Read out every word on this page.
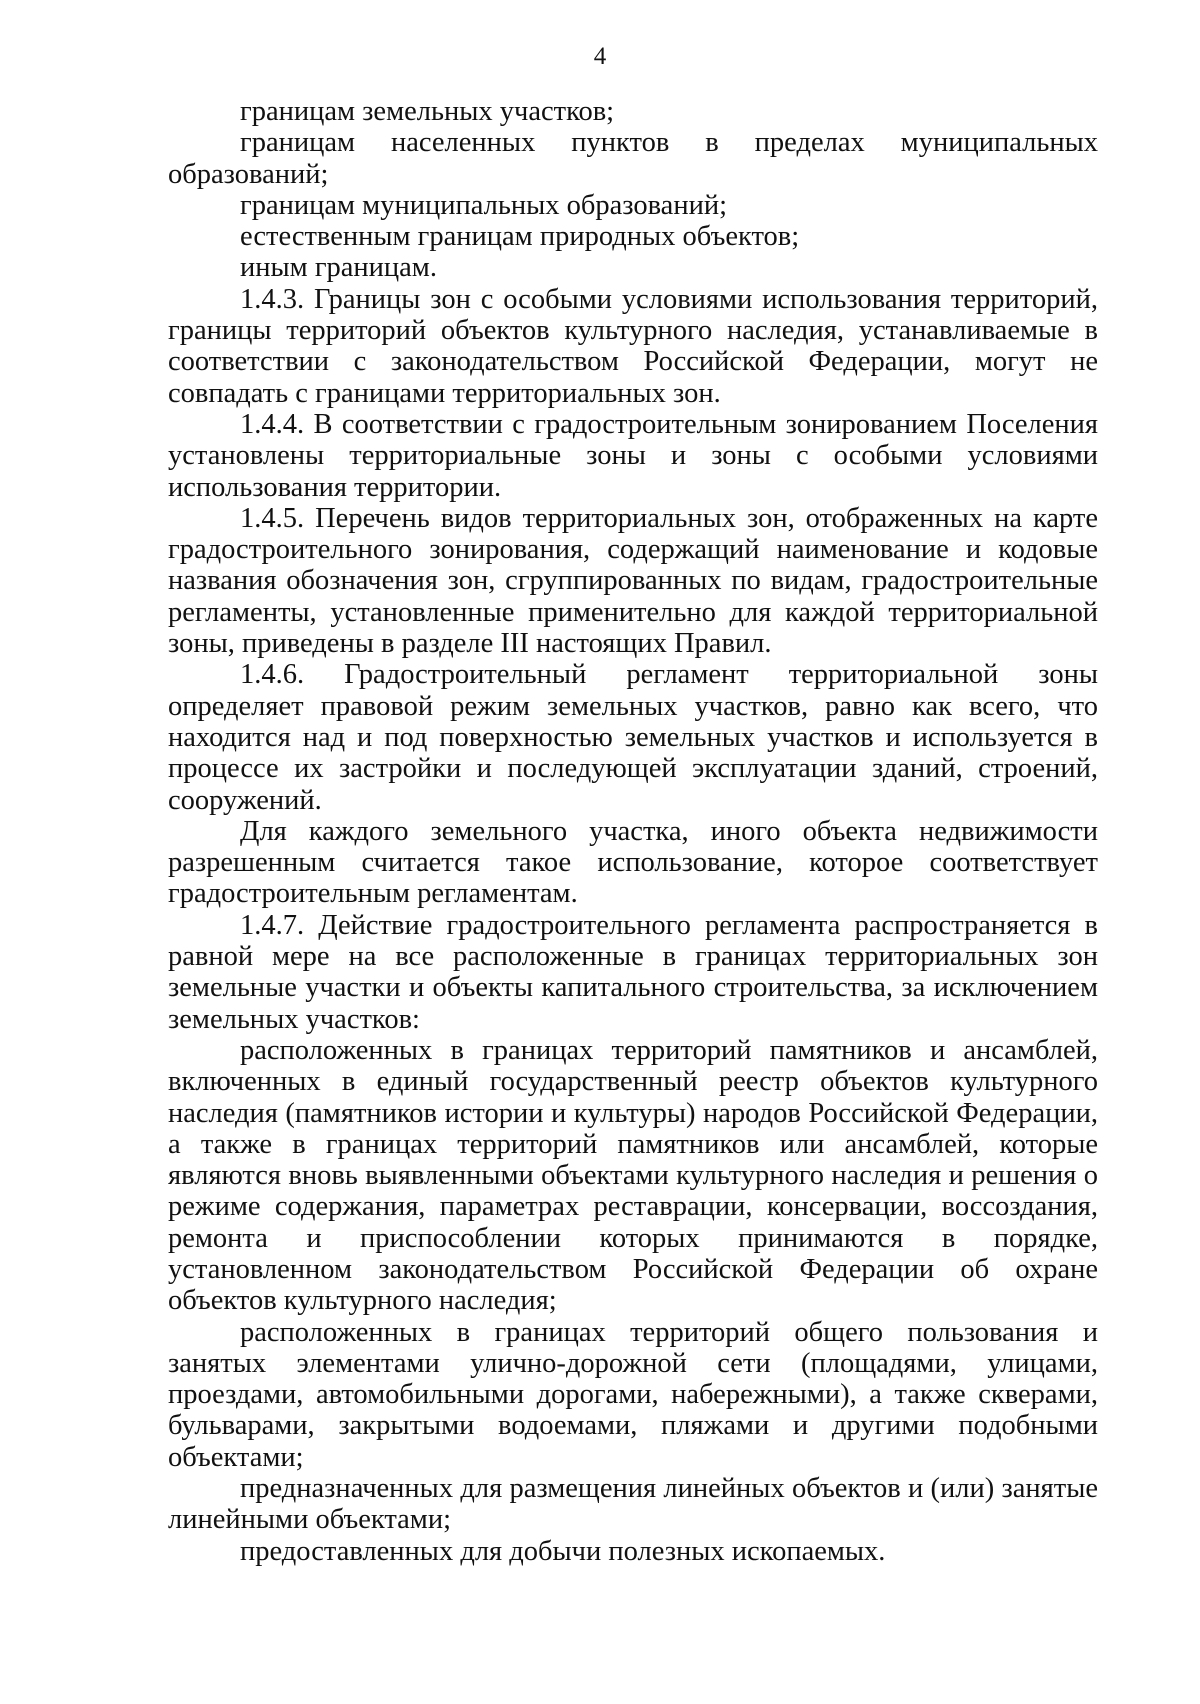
4

границам земельных участков;

границам населенных пунктов в пределах муниципальных образований;

границам муниципальных образований;

естественным границам природных объектов;

иным границам.

1.4.3. Границы зон с особыми условиями использования территорий, границы территорий объектов культурного наследия, устанавливаемые в соответствии с законодательством Российской Федерации, могут не совпадать с границами территориальных зон.

1.4.4. В соответствии с градостроительным зонированием Поселения установлены территориальные зоны и зоны с особыми условиями использования территории.

1.4.5. Перечень видов территориальных зон, отображенных на карте градостроительного зонирования, содержащий наименование и кодовые названия обозначения зон, сгруппированных по видам, градостроительные регламенты, установленные применительно для каждой территориальной зоны, приведены в разделе III настоящих Правил.

1.4.6. Градостроительный регламент территориальной зоны определяет правовой режим земельных участков, равно как всего, что находится над и под поверхностью земельных участков и используется в процессе их застройки и последующей эксплуатации зданий, строений, сооружений.

Для каждого земельного участка, иного объекта недвижимости разрешенным считается такое использование, которое соответствует градостроительным регламентам.

1.4.7. Действие градостроительного регламента распространяется в равной мере на все расположенные в границах территориальных зон земельные участки и объекты капитального строительства, за исключением земельных участков:

расположенных в границах территорий памятников и ансамблей, включенных в единый государственный реестр объектов культурного наследия (памятников истории и культуры) народов Российской Федерации, а также в границах территорий памятников или ансамблей, которые являются вновь выявленными объектами культурного наследия и решения о режиме содержания, параметрах реставрации, консервации, воссоздания, ремонта и приспособлении которых принимаются в порядке, установленном законодательством Российской Федерации об охране объектов культурного наследия;

расположенных в границах территорий общего пользования и занятых элементами улично-дорожной сети (площадями, улицами, проездами, автомобильными дорогами, набережными), а также скверами, бульварами, закрытыми водоемами, пляжами и другими подобными объектами;

предназначенных для размещения линейных объектов и (или) занятые линейными объектами;

предоставленных для добычи полезных ископаемых.
